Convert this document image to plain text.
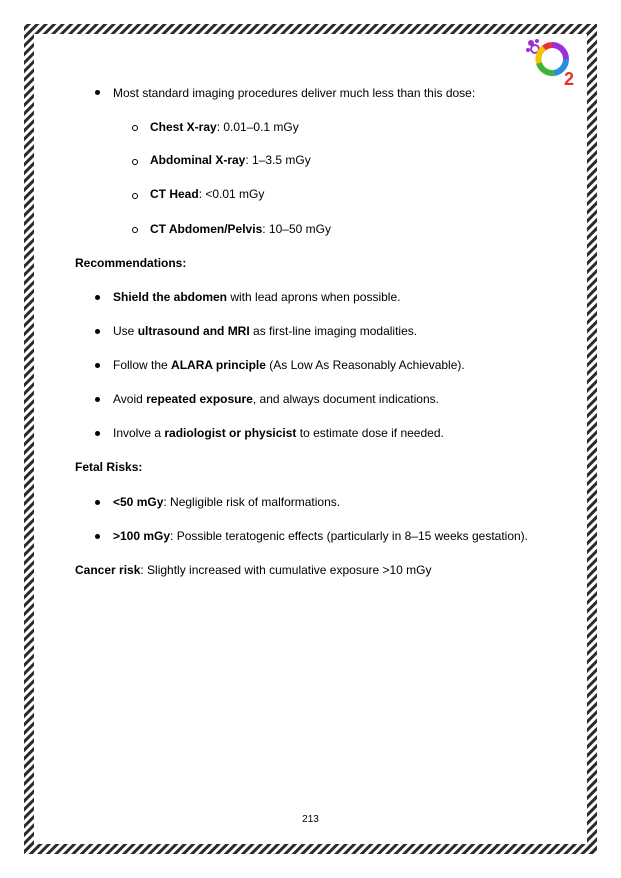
2
Most standard imaging procedures deliver much less than this dose:
Chest X-ray: 0.01–0.1 mGy
Abdominal X-ray: 1–3.5 mGy
CT Head: <0.01 mGy
CT Abdomen/Pelvis: 10–50 mGy
Recommendations:
Shield the abdomen with lead aprons when possible.
Use ultrasound and MRI as first-line imaging modalities.
Follow the ALARA principle (As Low As Reasonably Achievable).
Avoid repeated exposure, and always document indications.
Involve a radiologist or physicist to estimate dose if needed.
Fetal Risks:
<50 mGy: Negligible risk of malformations.
>100 mGy: Possible teratogenic effects (particularly in 8–15 weeks gestation).
Cancer risk: Slightly increased with cumulative exposure >10 mGy
213
